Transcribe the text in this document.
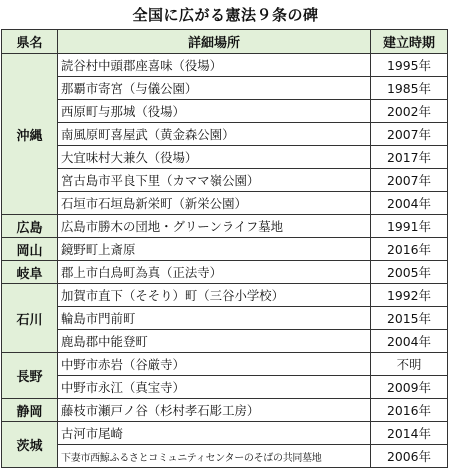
全国に広がる憲法９条の碑
県名	詳細場所	建立時期
沖縄	読谷村中頭郡座喜味（役場）	1995年
	那覇市寄宮（与儀公園）	1985年
	西原町与那城（役場）	2002年
	南風原町喜屋武（黄金森公園）	2007年
	大宜味村大兼久（役場）	2017年
	宮古島市平良下里（カママ嶺公園）	2007年
	石垣市石垣島新栄町（新栄公園）	2004年
広島	広島市勝木の団地・グリーンライフ墓地	1991年
岡山	鏡野町上斎原	2016年
岐阜	郡上市白鳥町為真（正法寺）	2005年
石川	加賀市直下（そそり）町（三谷小学校）	1992年
	輪島市門前町	2015年
	鹿島郡中能登町	2004年
長野	中野市赤岩（谷厳寺）	不明
	中野市永江（真宝寺）	2009年
静岡	藤枝市瀬戸ノ谷（杉村孝石彫工房）	2016年
茨城	古河市尾崎	2014年
	下妻市西鯨ふるさとコミュニティセンターのそばの共同墓地	2006年
